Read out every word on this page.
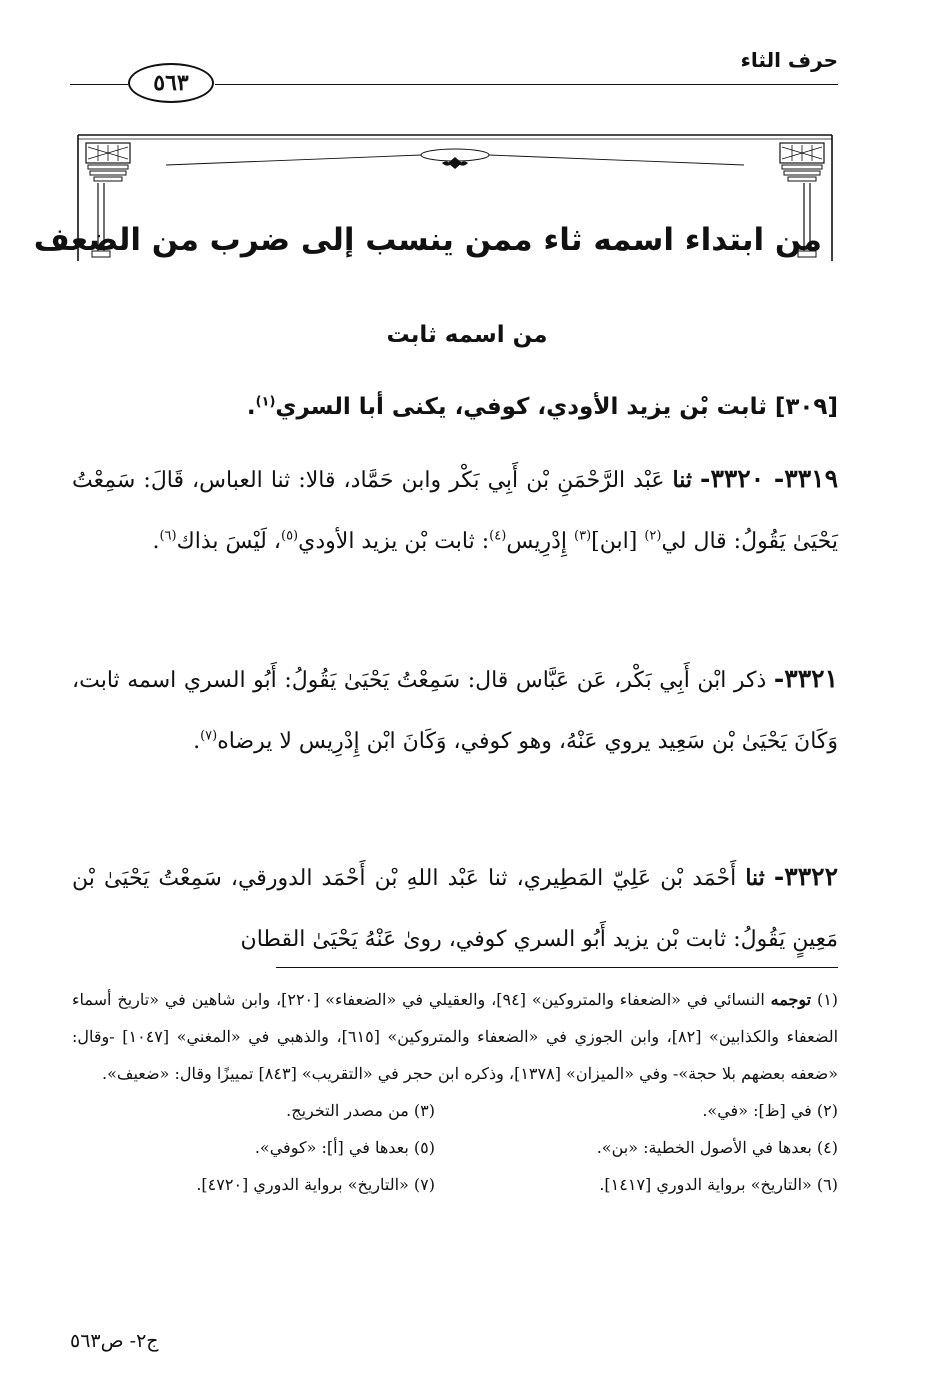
حرف الثاء
٥٦٣
من ابتداء اسمه ثاء ممن ينسب إلى ضرب من الضعف
من اسمه ثابت
[٣٠٩] ثابت بْن يزيد الأودي، كوفي، يكنى أبا السري$^{(١)}$.
٣٣١٩- ٣٣٢٠- ثنا عَبْد الرَّحْمَنِ بْن أَبِي بَكْر وابن حَمَّاد، قالا: ثنا العباس، قَالَ: سَمِعْتُ يَحْيَىٰ يَقُولُ: قال لي$^{(٢)}$ [ابن]$^{(٣)}$ إِدْرِيس$^{(٤)}$: ثابت بْن يزيد الأودي$^{(٥)}$، لَيْسَ بذاك$^{(٦)}$.
٣٣٢١- ذكر ابْن أَبِي بَكْر، عَن عَبَّاس قال: سَمِعْتُ يَحْيَىٰ يَقُولُ: أَبُو السري اسمه ثابت، وَكَانَ يَحْيَىٰ بْن سَعِيد يروي عَنْهُ، وهو كوفي، وَكَانَ ابْن إِدْرِيس لا يرضاه$^{(٧)}$.
٣٣٢٢- ثنا أَحْمَد بْن عَلِيّ المَطِيري، ثنا عَبْد اللهِ بْن أَحْمَد الدورقي، سَمِعْتُ يَحْيَىٰ بْن مَعِينٍ يَقُولُ: ثابت بْن يزيد أَبُو السري كوفي، روىٰ عَنْهُ يَحْيَىٰ القطان
(١) توجمه النسائي في «الضعفاء والمتروكين» [٩٤]، والعقيلي في «الضعفاء» [٢٢٠]، وابن شاهين في «تاريخ أسماء الضعفاء والكذابين» [٨٢]، وابن الجوزي في «الضعفاء والمتروكين» [٦١٥]، والذهبي في «المغني» [١٠٤٧] -وقال: «ضعفه بعضهم بلا حجة»- وفي «الميزان» [١٣٧٨]، وذكره ابن حجر في «التقريب» [٨٤٣] تمييزًا وقال: «ضعيف».
(٢) في [ظ]: «في».
(٣) من مصدر التخريج.
(٤) بعدها في الأصول الخطية: «بن».
(٥) بعدها في [أ]: «كوفي».
(٦) «التاريخ» برواية الدوري [١٤١٧].
(٧) «التاريخ» برواية الدوري [٤٧٢٠].
ج٢- ص٥٦٣
